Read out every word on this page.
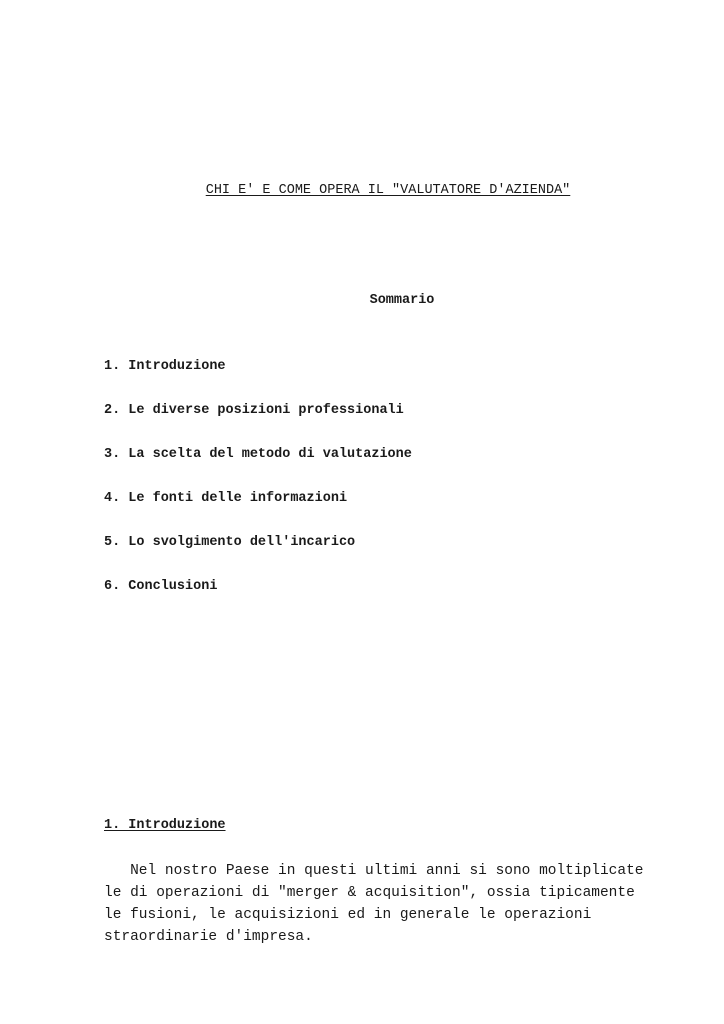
CHI E' E COME OPERA IL "VALUTATORE D'AZIENDA"
Sommario
1. Introduzione
2. Le diverse posizioni professionali
3. La scelta del metodo di valutazione
4. Le fonti delle informazioni
5. Lo svolgimento dell'incarico
6. Conclusioni
1. Introduzione

Nel nostro Paese in questi ultimi anni si sono moltiplicate
le di operazioni di "merger & acquisition", ossia tipicamente
le fusioni, le acquisizioni ed in generale le operazioni
straordinarie d'impresa.
